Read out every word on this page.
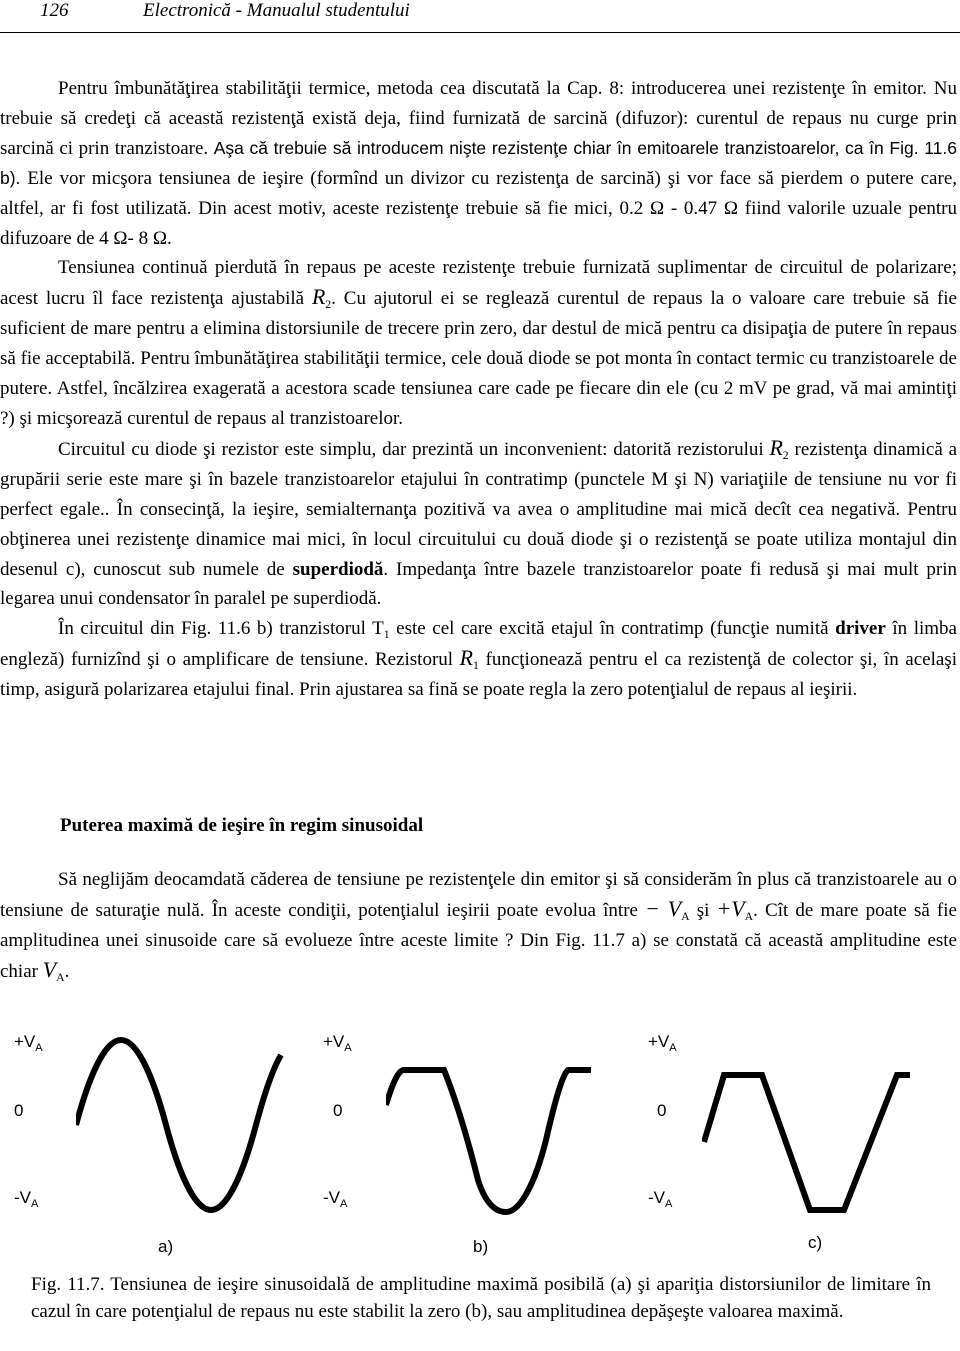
126	Electronică - Manualul studentului

Pentru îmbunătăţirea stabilităţii termice, metoda cea discutată la Cap. 8: introducerea unei rezistenţe în emitor. Nu trebuie să credeţi că această rezistenţă există deja, fiind furnizată de sarcină (difuzor): curentul de repaus nu curge prin sarcină ci prin tranzistoare. Aşa că trebuie să introducem nişte rezistenţe chiar în emitoarele tranzistoarelor, ca în Fig. 11.6 b). Ele vor micşora tensiunea de ieşire (formînd un divizor cu rezistenţa de sarcină) şi vor face să pierdem o putere care, altfel, ar fi fost utilizată. Din acest motiv, aceste rezistenţe trebuie să fie mici, 0.2 Ω - 0.47 Ω fiind valorile uzuale pentru difuzoare de 4 Ω- 8 Ω.

Tensiunea continuă pierdută în repaus pe aceste rezistenţe trebuie furnizată suplimentar de circuitul de polarizare; acest lucru îl face rezistenţa ajustabilă $R_2$. Cu ajutorul ei se reglează curentul de repaus la o valoare care trebuie să fie suficient de mare pentru a elimina distorsiunile de trecere prin zero, dar destul de mică pentru ca disipaţia de putere în repaus să fie acceptabilă. Pentru îmbunătăţirea stabilităţii termice, cele două diode se pot monta în contact termic cu tranzistoarele de putere. Astfel, încălzirea exagerată a acestora scade tensiunea care cade pe fiecare din ele (cu 2 mV pe grad, vă mai amintiţi ?) şi micşorează curentul de repaus al tranzistoarelor.

Circuitul cu diode şi rezistor este simplu, dar prezintă un inconvenient: datorită rezistorului $R_2$ rezistenţa dinamică a grupării serie este mare şi în bazele tranzistoarelor etajului în contratimp (punctele M şi N) variaţiile de tensiune nu vor fi perfect egale.. În consecinţă, la ieşire, semialternanţa pozitivă va avea o amplitudine mai mică decît cea negativă. Pentru obţinerea unei rezistenţe dinamice mai mici, în locul circuitului cu două diode şi o rezistenţă se poate utiliza montajul din desenul c), cunoscut sub numele de superdiodă. Impedanţa între bazele tranzistoarelor poate fi redusă şi mai mult prin legarea unui condensator în paralel pe superdiodă.

În circuitul din Fig. 11.6 b) tranzistorul $T_1$ este cel care excită etajul în contratimp (funcţie numită driver în limba engleză) furnizînd şi o amplificare de tensiune. Rezistorul $R_1$ funcţionează pentru el ca rezistenţă de colector şi, în acelaşi timp, asigură polarizarea etajului final. Prin ajustarea sa fină se poate regla la zero potenţialul de repaus al ieşirii.

Puterea maximă de ieşire în regim sinusoidal

Să neglijăm deocamdată căderea de tensiune pe rezistenţele din emitor şi să considerăm în plus că tranzistoarele au o tensiune de saturaţie nulă. În aceste condiţii, potenţialul ieşirii poate evolua între − $V_A$ şi $+V_A$. Cît de mare poate să fie amplitudinea unei sinusoide care să evolueze între aceste limite ? Din Fig. 11.7 a) se constată că această amplitudine este chiar $V_A$.

$+V_A$
0
$-V_A$
a)
$+V_A$
0
$-V_A$
b)
$+V_A$
0
$-V_A$
c)
Fig. 11.7. Tensiunea de ieşire sinusoidală de amplitudine maximă posibilă (a) şi apariţia distorsiunilor de limitare în cazul în care potenţialul de repaus nu este stabilit la zero (b), sau amplitudinea depăşeşte valoarea maximă.
